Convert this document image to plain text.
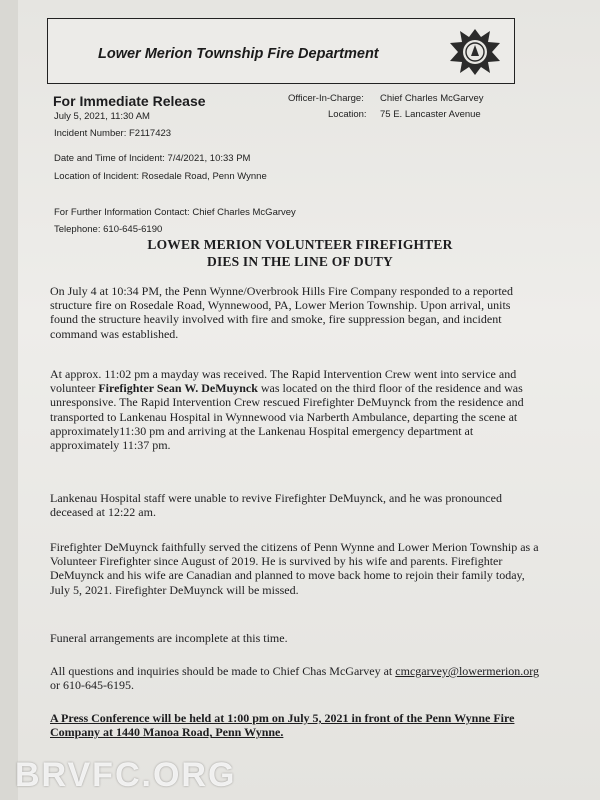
Lower Merion Township Fire Department
For Immediate Release
July 5, 2021, 11:30 AM
Incident Number: F2117423
Officer-In-Charge: Chief Charles McGarvey
Location: 75 E. Lancaster Avenue
Date and Time of Incident: 7/4/2021, 10:33 PM
Location of Incident: Rosedale Road, Penn Wynne
For Further Information Contact: Chief Charles McGarvey
Telephone: 610-645-6190
LOWER MERION VOLUNTEER FIREFIGHTER
DIES IN THE LINE OF DUTY

On July 4 at 10:34 PM, the Penn Wynne/Overbrook Hills Fire Company responded to a reported structure fire on Rosedale Road, Wynnewood, PA, Lower Merion Township. Upon arrival, units found the structure heavily involved with fire and smoke, fire suppression began, and incident command was established.

At approx. 11:02 pm a mayday was received. The Rapid Intervention Crew went into service and volunteer Firefighter Sean W. DeMuynck was located on the third floor of the residence and was unresponsive. The Rapid Intervention Crew rescued Firefighter DeMuynck from the residence and transported to Lankenau Hospital in Wynnewood via Narberth Ambulance, departing the scene at approximately11:30 pm and arriving at the Lankenau Hospital emergency department at approximately 11:37 pm.

Lankenau Hospital staff were unable to revive Firefighter DeMuynck, and he was pronounced deceased at 12:22 am.

Firefighter DeMuynck faithfully served the citizens of Penn Wynne and Lower Merion Township as a Volunteer Firefighter since August of 2019. He is survived by his wife and parents. Firefighter DeMuynck and his wife are Canadian and planned to move back home to rejoin their family today, July 5, 2021. Firefighter DeMuynck will be missed.

Funeral arrangements are incomplete at this time.

All questions and inquiries should be made to Chief Chas McGarvey at cmcgarvey@lowermerion.org or 610-645-6195.

A Press Conference will be held at 1:00 pm on July 5, 2021 in front of the Penn Wynne Fire Company at 1440 Manoa Road, Penn Wynne.

BRVFC.ORG
